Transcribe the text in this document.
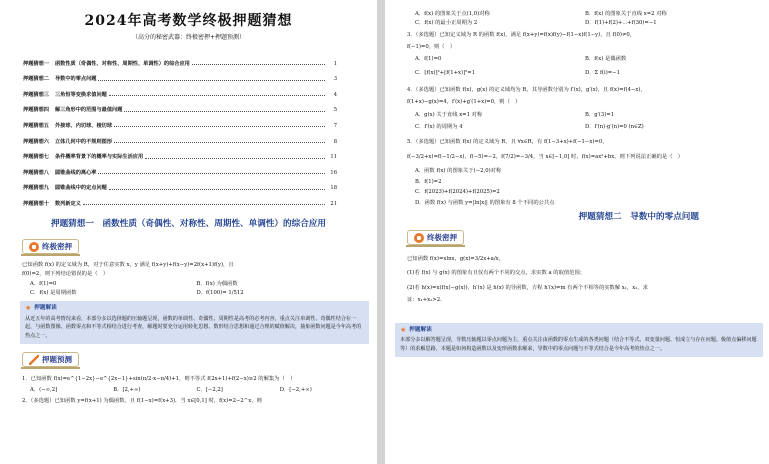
2024年高考数学终极押题猜想
（高分的秘密武器：终极密押+押题预测）
押题猜想一 函数性质（奇偶性、对称性、周期性、单调性）的综合应用	1
押题猜想二 导数中的零点问题	3
押题猜想三 三角恒等变换求值问题	4
押题猜想四 解三角形中的范围与最值问题	5
押题猜想五 外接球、内切球、棱切球	7
押题猜想六 立体几何中的不规则图形	8
押题猜想七 条件概率背景下的概率与实际生活应用	11
押题猜想八 圆锥曲线的离心率	16
押题猜想九 圆锥曲线中的定点问题	18
押题猜想十 数列新定义	21
押题猜想一　函数性质（奇偶性、对称性、周期性、单调性）的综合应用
终极密押
已知函数 f(x) 的定义域为 R，对于任意实数 x，y 满足 f(x+y)+f(x−y)=2f(x+1)f(y)，且
f(0)=2，则下列结论错误的是（　）
A．f(1)=0	B．f(x) 为偶函数
C．f(x) 是周期函数	D．f(100)= 1/512
★ 押题解读
从近五年的高考情况来看，本部分多以选择题的压轴题呈现，函数的单调性、奇偶性、周期性是高考的必考内容，重点关注单调性、奇偶性结合在一起，与函数图像、函数零点和不等式相结合进行考查，解题时要充分运用转化思想、数形结合思想和通过合理的赋值解决，抽象函数问题是今年高考的热点之一。
押题预测
1．已知函数 f(x)=e^{1−2x}−e^{2x−1}+sin(π/2·x−π/4)+1，则不等式 f(2x+1)+f(2−x)≥2 的解集为（　）
A．(−∞,2]	B．[2,+∞)	C．[−2,2]	D．[−2,+∞)
2．（多选题）已知函数 y=f(x+1) 为偶函数，且 f(1−x)=f(x+3)，当 x∈[0,1] 时，f(x)=2−2^x，则
A．f(x) 的图象关于点(1,0)对称	B．f(x) 的图象关于直线 x=2 对称
C．f(x) 的最小正周期为 2	D．f(1)+f(2)+⋯+f(30)=−1
3．（多选题）已知定义域为 R 的函数 f(x)，满足 f(x+y)=f(x)f(y)−f(1−x)f(1−y)，且 f(0)≠0，
f(−1)=0，则（　）
A．f(1)=0	B．f(x) 是偶函数
C．[f(x)]²+[f(1+x)]²=1	D．Σ f(i)=−1
4．（多选题）已知函数 f(x)，g(x) 的定义域均为 R，其导函数分别为 f′(x)，g′(x)，且 f(x)=f(4−x)，
f(1+x)−g(x)=4，f′(x)+g′(1+x)=0，则（　）
A．g(x) 关于直线 x=1 对称	B．g′(3)=1
C．f′(x) 的周期为 4	D．f′(n)·g′(n)=0 (n∈Z)
5．（多选题）已知函数 f(x) 的定义域为 R，且 ∀x∈R，有 f(1−3+x)+f(−1−x)=0，
f(−3/2+x)=f(−1/2−x)，f(−5)=−2，f(7/2)=−3/4，当 x∈[−1,0] 时，f(x)=ax²+bx，则下列说法正确的是（　）
A．函数 f(x) 的图象关于(−2,0)对称
B．f(1)=2
C．f(2023)+f(2024)+f(2025)=2
D．函数 f(x) 与函数 y=|ln|x|| 的图象有 8 个不同的公共点
押题猜想二　导数中的零点问题
终极密押
已知函数 f(x)=xlnx，g(x)=3/2x+a/x，
(1)若 f(x) 与 g(x) 的图象有且仅有两个不同的交点，求实数 a 的取值范围；
(2)若 h(x)=x(f(x)−g(x))，h′(x) 是 h(x) 的导函数，方程 h′(x)=m 有两个不相等的实数解 x₁，x₂，求
证：x₁+x₂>2.
★ 押题解读
本部分多以解答题呈现，导数压轴题以零点问题为主，重点关注由函数的零点生成的各类问题（结合不等式、双变量问题、恒成立与存在问题、极值点偏移问题等）的求解思路，本题是如何构造函数以及变形函数求解来，导数中的零点问题与不等式结合是今年高考的热点之一。
